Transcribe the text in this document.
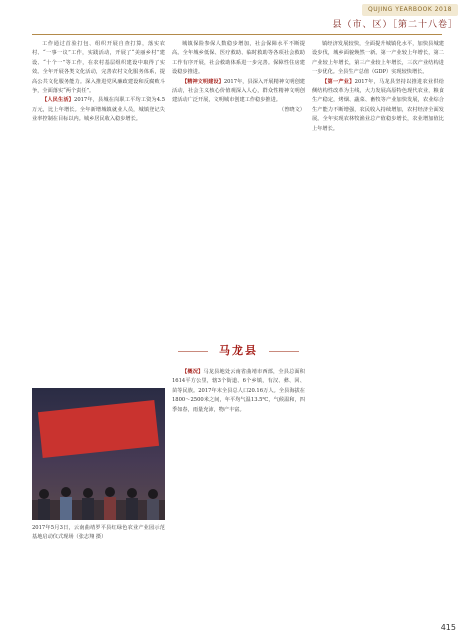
QUJING YEARBOOK 2018
县（市、区）［第二十八卷］

工作通过首验打包、组织开展自查打算，落实农村、“一事一议”工作，实践活动，开展了“美丽乡村”建设、“十个一”等工作，在农村基层组织建设中取得了实效。全年开展各类文化活动，完善农村文化服务体系，提高公共文化服务能力。深入推进党风廉政建设和反腐败斗争，全面落实“两个责任”。

【人民生活】2017年，县城在岗职工平均工资为4.5万元，比上年增长。全年新增城镇就业人员，城镇登记失业率控制在目标以内。城乡居民收入稳步增长。

2017年5月3日，云南曲靖罗平县红绿色农业产业园示范基地启动仪式现场（张志翔 摄）

城镇保险参保人数稳步增加，社会保障水平不断提高。全年城乡低保、医疗救助、临时救助等各项社会救助工作有序开展，社会救助体系进一步完善。保障性住房建设稳步推进。

【精神文明建设】2017年，县深入开展精神文明创建活动，社会主义核心价值观深入人心，群众性精神文明创建活动广泛开展，文明城市创建工作稳步推进。

（曾晓文）

马龙县

【概况】马龙县地处云南省曲靖市西部，全县总面积1614平方公里，辖3个街道、6个乡镇，有汉、彝、回、苗等民族。2017年末全县总人口20.16万人。全县海拔在1800～2500米之间，年平均气温13.5℃，气候温和，四季如春，雨量充沛，物产丰富。

镇经济发展较快，全面提升城镇化水平，加快县城建设步伐，城乡面貌焕然一新。第一产业较上年增长，第二产业较上年增长，第三产业较上年增长，三次产业结构进一步优化。全县生产总值（GDP）实现较快增长。

【第一产业】2017年，马龙县坚持以推进农业供给侧结构性改革为主线，大力发展高原特色现代农业，粮食生产稳定，烤烟、蔬菜、畜牧等产业加快发展，农业综合生产能力不断增强，农民收入持续增加，农村经济全面发展。全年实现农林牧渔业总产值稳步增长，农业增加值比上年增长。

415
